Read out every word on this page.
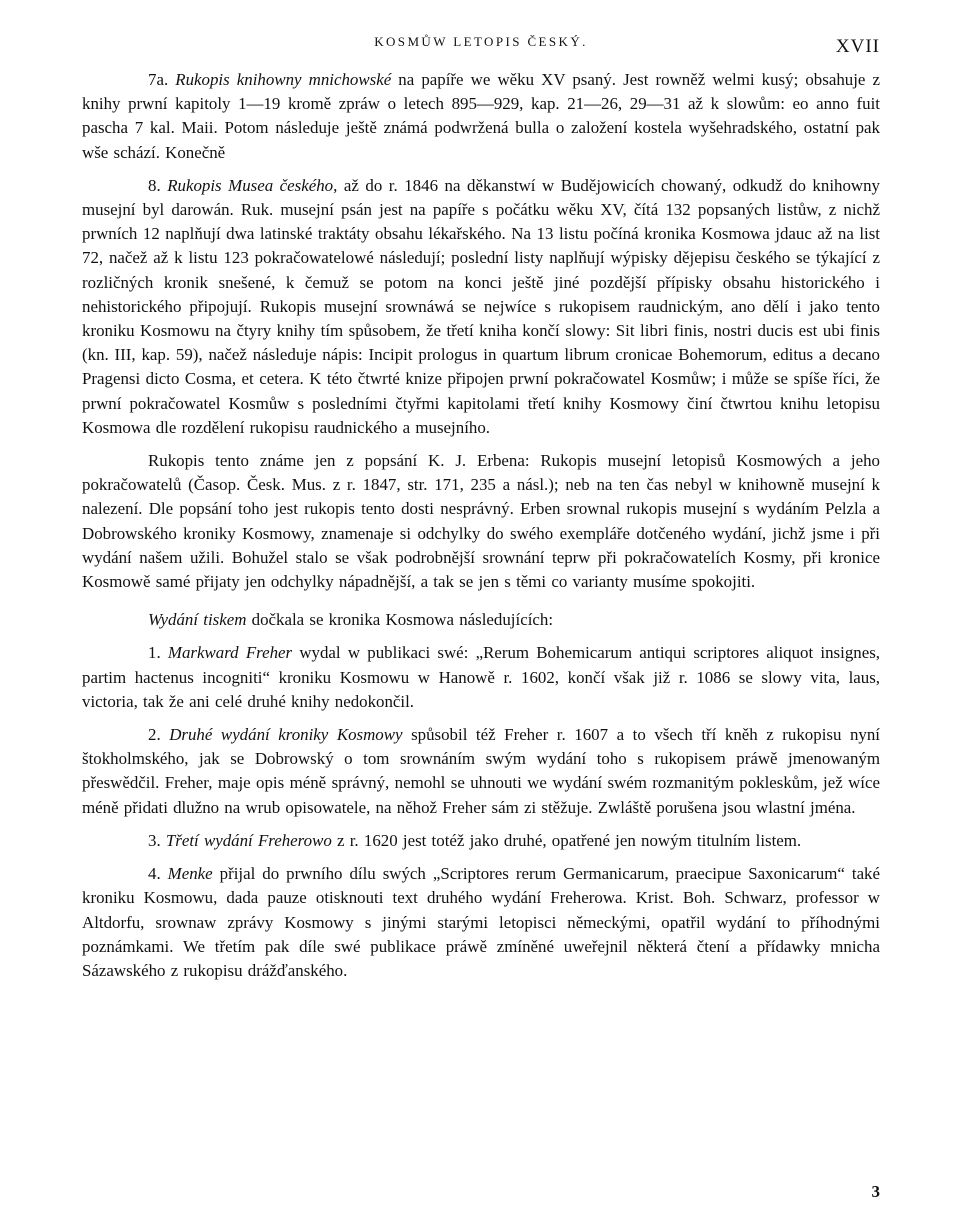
KOSMŮW LETOPIS ČESKÝ.	XVII

7a. Rukopis knihowny mnichowské na papíře we wěku XV psaný. Jest rowněž welmi kusý; obsahuje z knihy prwní kapitoly 1—19 kromě zpráw o letech 895—929, kap. 21—26, 29—31 až k slowům: eo anno fuit pascha 7 kal. Maii. Potom následuje ještě známá podwržená bulla o založení kostela wyšehradského, ostatní pak wše schází. Konečně

8. Rukopis Musea českého, až do r. 1846 na děkanstwí w Budějowicích chowaný, odkudž do knihowny musejní byl darowán. Ruk. musejní psán jest na papíře s počátku wěku XV, čítá 132 popsaných listůw, z nichž prwních 12 naplňují dwa latinské traktáty obsahu lékařského. Na 13 listu počíná kronika Kosmowa jdauc až na list 72, načež až k listu 123 pokračowatelowé následují; poslední listy naplňují wýpisky dějepisu českého se týkající z rozličných kronik snešené, k čemuž se potom na konci ještě jiné pozdější přípisky obsahu historického i nehistorického připojují. Rukopis musejní srownáwá se nejwíce s rukopisem raudnickým, ano dělí i jako tento kroniku Kosmowu na čtyry knihy tím spůsobem, že třetí kniha končí slowy: Sit libri finis, nostri ducis est ubi finis (kn. III, kap. 59), načež následuje nápis: Incipit prologus in quartum librum cronicae Bohemorum, editus a decano Pragensi dicto Cosma, et cetera. K této čtwrté knize připojen prwní pokračowatel Kosmůw; i může se spíše říci, že prwní pokračowatel Kosmůw s posledními čtyřmi kapitolami třetí knihy Kosmowy činí čtwrtou knihu letopisu Kosmowa dle rozdělení rukopisu raudnického a musejního.

Rukopis tento známe jen z popsání K. J. Erbena: Rukopis musejní letopisů Kosmowých a jeho pokračowatelů (Časop. Česk. Mus. z r. 1847, str. 171, 235 a násl.); neb na ten čas nebyl w knihowně musejní k nalezení. Dle popsání toho jest rukopis tento dosti nesprávný. Erben srownal rukopis musejní s wydáním Pelzla a Dobrowského kroniky Kosmowy, znamenaje si odchylky do swého exempláře dotčeného wydání, jichž jsme i při wydání našem užili. Bohužel stalo se však podrobnější srownání teprw při pokračowatelích Kosmy, při kronice Kosmowě samé přijaty jen odchylky nápadnější, a tak se jen s těmi co varianty musíme spokojiti.

Wydání tiskem dočkala se kronika Kosmowa následujících:

1. Markward Freher wydal w publikaci swé: „Rerum Bohemicarum antiqui scriptores aliquot insignes, partim hactenus incogniti“ kroniku Kosmowu w Hanowě r. 1602, končí však již r. 1086 se slowy vita, laus, victoria, tak že ani celé druhé knihy nedokončil.

2. Druhé wydání kroniky Kosmowy spůsobil též Freher r. 1607 a to všech tří kněh z rukopisu nyní štokholmského, jak se Dobrowský o tom srownáním swým wydání toho s rukopisem práwě jmenowaným přeswědčil. Freher, maje opis méně správný, nemohl se uhnouti we wydání swém rozmanitým pokleskům, jež wíce méně přidati dlužno na wrub opisowatele, na něhož Freher sám zi stěžuje. Zwláště porušena jsou wlastní jména.

3. Třetí wydání Freherowo z r. 1620 jest totéž jako druhé, opatřené jen nowým titulním listem.

4. Menke přijal do prwního dílu swých „Scriptores rerum Germanicarum, praecipue Saxonicarum“ také kroniku Kosmowu, dada pauze otisknouti text druhého wydání Freherowa. Krist. Boh. Schwarz, professor w Altdorfu, srownaw zprávy Kosmowy s jinými starými letopisci německými, opatřil wydání to příhodnými poznámkami. We třetím pak díle swé publikace práwě zmíněné uweřejnil některá čtení a přídawky mnicha Sázawského z rukopisu drážďanského.

3
